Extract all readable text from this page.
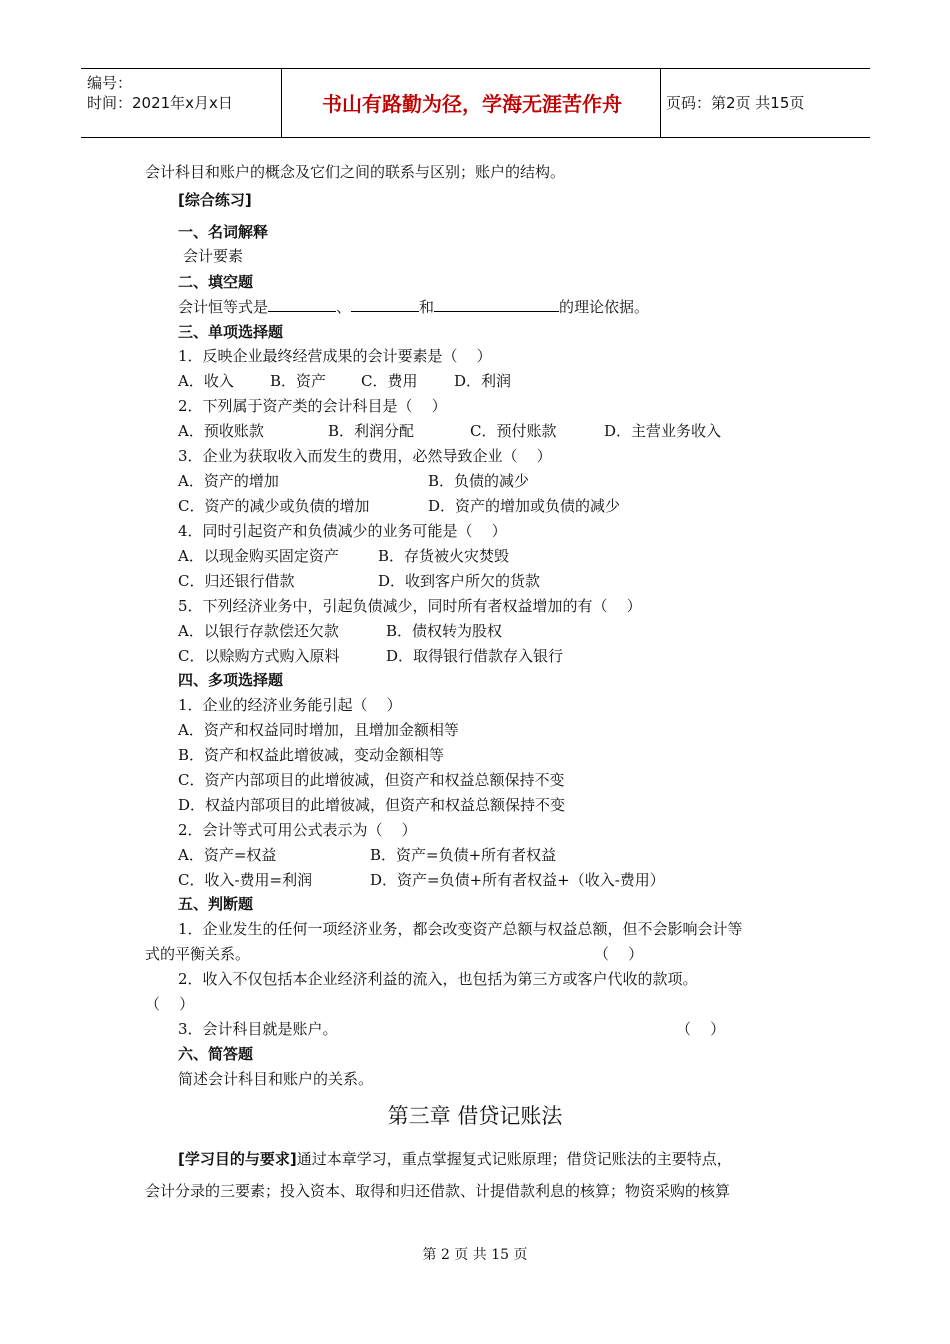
编号：
时间：2021年x月x日	书山有路勤为径，学海无涯苦作舟	页码：第2页 共15页
会计科目和账户的概念及它们之间的联系与区别；账户的结构。
[综合练习]
一、名词解释
会计要素
二、填空题
会计恒等式是	、	和	的理论依据。
三、单项选择题
1．反映企业最终经营成果的会计要素是（    ）
A．收入 B．资产 C．费用 D．利润
2．下列属于资产类的会计科目是（    ）
A．预收账款	B．利润分配	C．预付账款	D．主营业务收入
3．企业为获取收入而发生的费用，必然导致企业（    ）
A．资产的增加	B．负债的减少
C．资产的减少或负债的增加	D．资产的增加或负债的减少
4．同时引起资产和负债减少的业务可能是（    ）
A．以现金购买固定资产	B．存货被火灾焚毁
C．归还银行借款	D．收到客户所欠的货款
5．下列经济业务中，引起负债减少，同时所有者权益增加的有（    ）
A．以银行存款偿还欠款	B．债权转为股权
C．以赊购方式购入原料	D．取得银行借款存入银行
四、多项选择题
1．企业的经济业务能引起（    ）
A．资产和权益同时增加，且增加金额相等
B．资产和权益此增彼减，变动金额相等
C．资产内部项目的此增彼减，但资产和权益总额保持不变
D．权益内部项目的此增彼减，但资产和权益总额保持不变
2．会计等式可用公式表示为（    ）
A．资产=权益	B．资产=负债+所有者权益
C．收入-费用=利润	D．资产=负债+所有者权益+（收入-费用）
五、判断题
1．企业发生的任何一项经济业务，都会改变资产总额与权益总额，但不会影响会计等
式的平衡关系。	（    ）
2．收入不仅包括本企业经济利益的流入，也包括为第三方或客户代收的款项。
（    ）
3．会计科目就是账户。	（    ）
六、简答题
简述会计科目和账户的关系。
第三章 借贷记账法
[学习目的与要求]通过本章学习，重点掌握复式记账原理；借贷记账法的主要特点，
会计分录的三要素；投入资本、取得和归还借款、计提借款利息的核算；物资采购的核算
第 2 页 共 15 页
